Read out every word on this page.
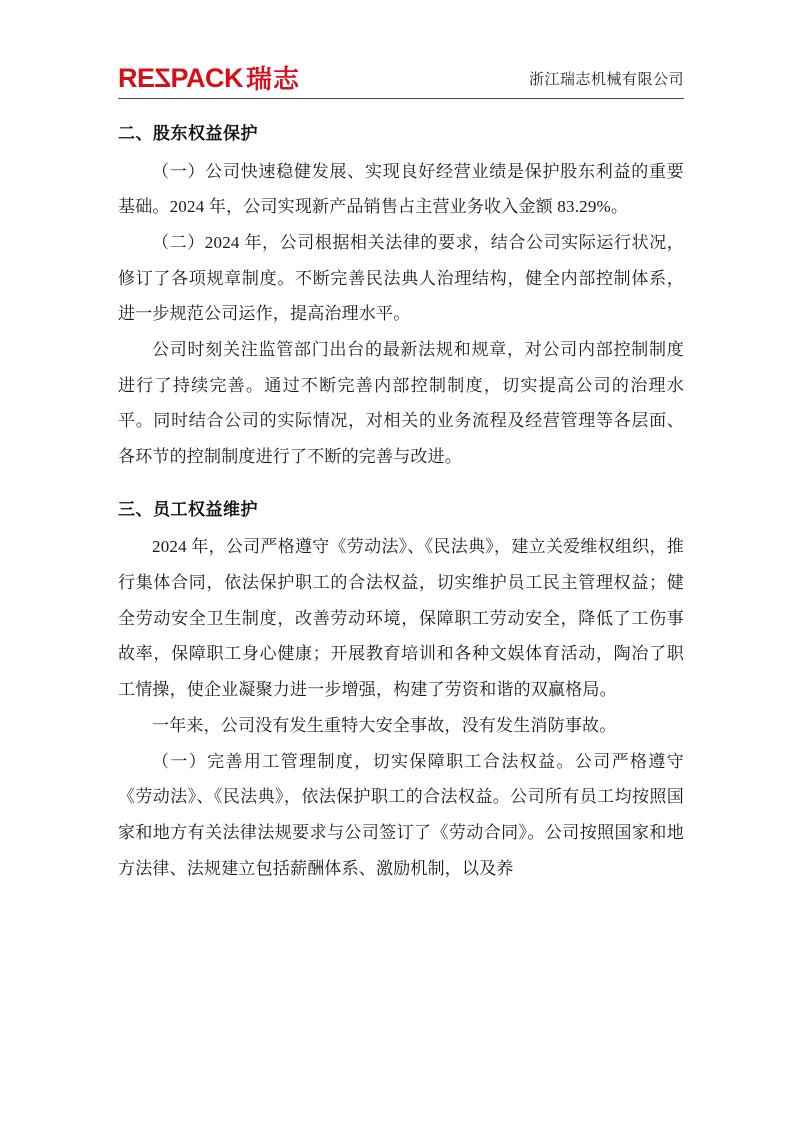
RE Z PACK 瑞志	浙江瑞志机械有限公司
二、股东权益保护

（一）公司快速稳健发展、实现良好经营业绩是保护股东利益的重要基础。2024 年，公司实现新产品销售占主营业务收入金额 83.29%。

（二）2024 年，公司根据相关法律的要求，结合公司实际运行状况，修订了各项规章制度。不断完善民法典人治理结构，健全内部控制体系，进一步规范公司运作，提高治理水平。

公司时刻关注监管部门出台的最新法规和规章，对公司内部控制制度进行了持续完善。通过不断完善内部控制制度，切实提高公司的治理水平。同时结合公司的实际情况，对相关的业务流程及经营管理等各层面、各环节的控制制度进行了不断的完善与改进。

三、员工权益维护

2024 年，公司严格遵守《劳动法》、《民法典》，建立关爱维权组织，推行集体合同，依法保护职工的合法权益，切实维护员工民主管理权益；健全劳动安全卫生制度，改善劳动环境，保障职工劳动安全，降低了工伤事故率，保障职工身心健康；开展教育培训和各种文娱体育活动，陶冶了职工情操，使企业凝聚力进一步增强，构建了劳资和谐的双赢格局。

一年来，公司没有发生重特大安全事故，没有发生消防事故。

（一）完善用工管理制度，切实保障职工合法权益。公司严格遵守《劳动法》、《民法典》，依法保护职工的合法权益。公司所有员工均按照国家和地方有关法律法规要求与公司签订了《劳动合同》。公司按照国家和地方法律、法规建立包括薪酬体系、激励机制，以及养
